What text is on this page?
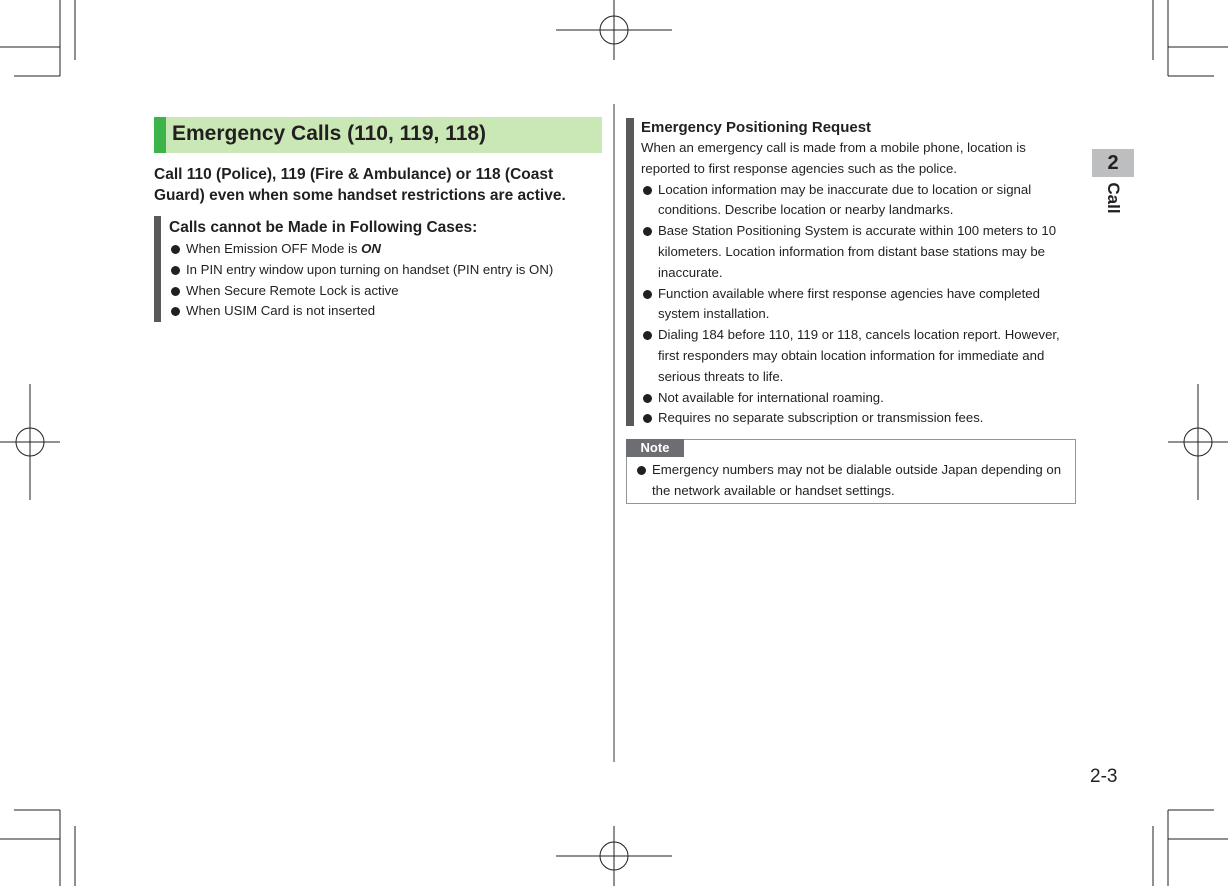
Emergency Calls (110, 119, 118)
Call 110 (Police), 119 (Fire & Ambulance) or 118 (Coast Guard) even when some handset restrictions are active.
Calls cannot be Made in Following Cases:
When Emission OFF Mode is ON
In PIN entry window upon turning on handset (PIN entry is ON)
When Secure Remote Lock is active
When USIM Card is not inserted
Emergency Positioning Request
When an emergency call is made from a mobile phone, location is reported to first response agencies such as the police.
Location information may be inaccurate due to location or signal conditions. Describe location or nearby landmarks.
Base Station Positioning System is accurate within 100 meters to 10 kilometers. Location information from distant base stations may be inaccurate.
Function available where first response agencies have completed system installation.
Dialing 184 before 110, 119 or 118, cancels location report. However, first responders may obtain location information for immediate and serious threats to life.
Not available for international roaming.
Requires no separate subscription or transmission fees.
Note
Emergency numbers may not be dialable outside Japan depending on the network available or handset settings.
2
Call
2-3
